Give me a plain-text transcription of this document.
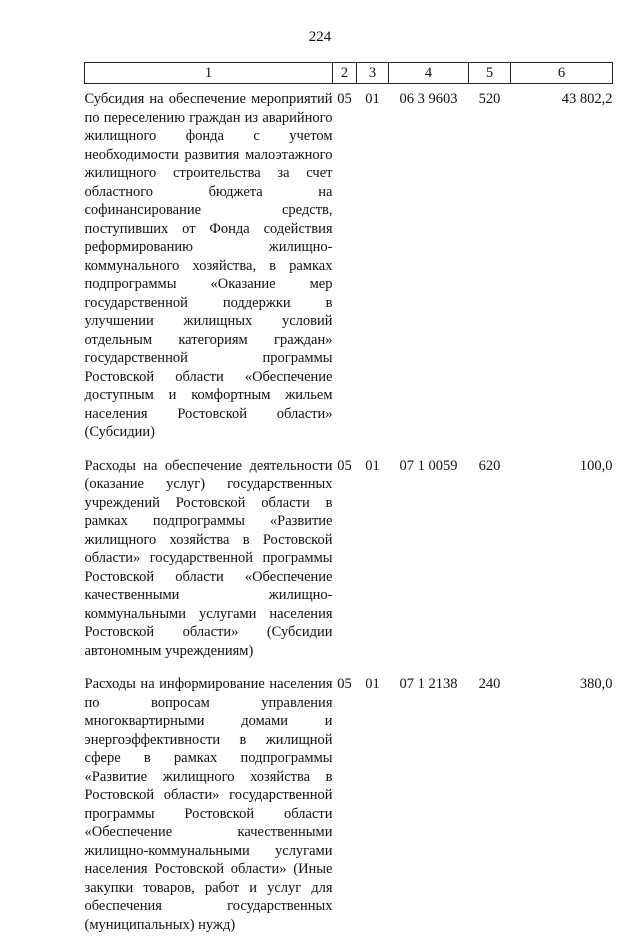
224
1	2	3	4	5	6
Субсидия на обеспечение мероприятий по переселению граждан из аварийного жилищного фонда с учетом необходимости развития малоэтажного жилищного строительства за счет областного бюджета на софинансирование средств, поступивших от Фонда содействия реформированию жилищно-коммунального хозяйства, в рамках подпрограммы «Оказание мер государственной поддержки в улучшении жилищных условий отдельным категориям граждан» государственной программы Ростовской области «Обеспечение доступным и комфортным жильем населения Ростовской области» (Субсидии)	05	01	06 3 9603	520	43 802,2
Расходы на обеспечение деятельности (оказание услуг) государственных учреждений Ростовской области в рамках подпрограммы «Развитие жилищного хозяйства в Ростовской области» государственной программы Ростовской области «Обеспечение качественными жилищно-коммунальными услугами населения Ростовской области» (Субсидии автономным учреждениям)	05	01	07 1 0059	620	100,0
Расходы на информирование населения по вопросам управления многоквартирными домами и энергоэффективности в жилищной сфере в рамках подпрограммы «Развитие жилищного хозяйства в Ростовской области» государственной программы Ростовской области «Обеспечение качественными жилищно-коммунальными услугами населения Ростовской области» (Иные закупки товаров, работ и услуг для обеспечения государственных (муниципальных) нужд)	05	01	07 1 2138	240	380,0
